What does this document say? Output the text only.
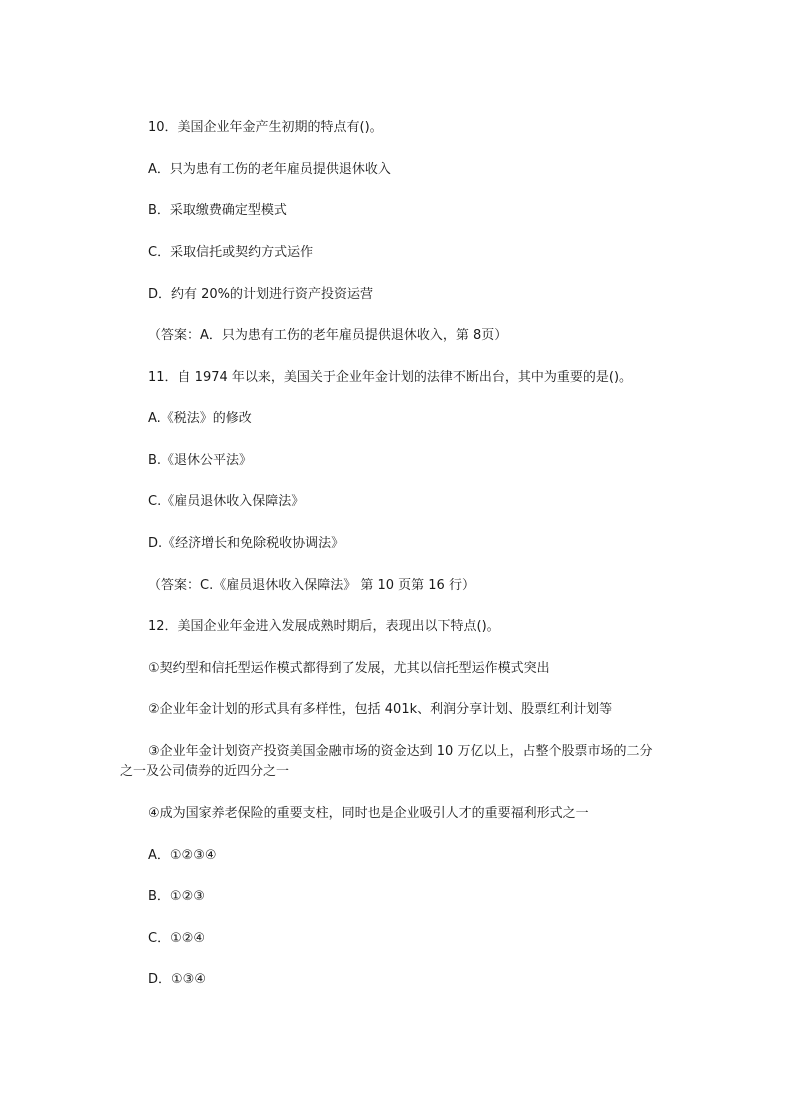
10．美国企业年金产生初期的特点有()。
A．只为患有工伤的老年雇员提供退休收入
B．采取缴费确定型模式
C．采取信托或契约方式运作
D．约有 20%的计划进行资产投资运营
（答案：A．只为患有工伤的老年雇员提供退休收入，第 8页）
11．自 1974 年以来，美国关于企业年金计划的法律不断出台，其中为重要的是()。
A.《税法》的修改
B.《退休公平法》
C.《雇员退休收入保障法》
D.《经济增长和免除税收协调法》
（答案：C.《雇员退休收入保障法》 第 10 页第 16 行）
12．美国企业年金进入发展成熟时期后，表现出以下特点()。
①契约型和信托型运作模式都得到了发展，尤其以信托型运作模式突出
②企业年金计划的形式具有多样性，包括 401k、利润分享计划、股票红利计划等
③企业年金计划资产投资美国金融市场的资金达到 10 万亿以上，占整个股票市场的二分之一及公司债券的近四分之一
④成为国家养老保险的重要支柱，同时也是企业吸引人才的重要福利形式之一
A．①②③④
B．①②③
C．①②④
D．①③④
